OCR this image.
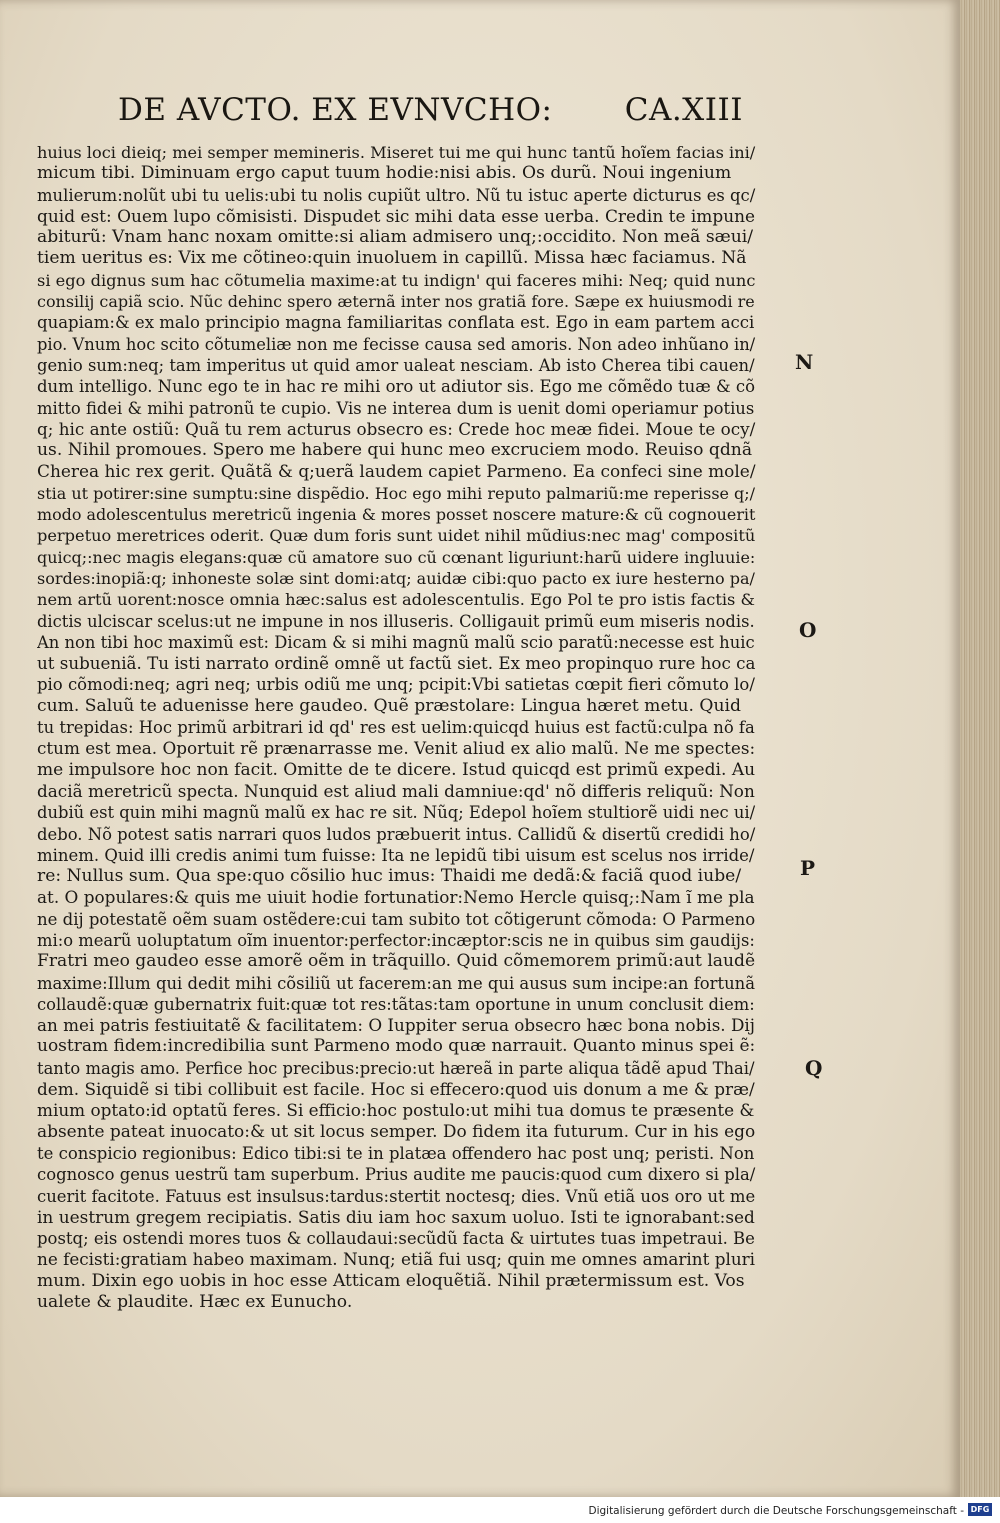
DE AVCTO. EX EVNVCHO: CA.XIII
huius loci dieiq; mei semper memineris. Miseret tui me qui hunc tantũ hoĩem facias ini/
micum tibi. Diminuam ergo caput tuum hodie:nisi abis. Os durũ. Noui ingenium
mulierum:nolũt ubi tu uelis:ubi tu nolis cupiũt ultro. Nũ tu istuc aperte dicturus es qc/
quid est: Ouem lupo cõmisisti. Dispudet sic mihi data esse uerba. Credin te impune
abiturũ: Vnam hanc noxam omitte:si aliam admisero unq;:occidito. Non meã sæui/
tiem ueritus es: Vix me cõtineo:quin inuoluem in capillũ. Missa hæc faciamus. Nã
si ego dignus sum hac cõtumelia maxime:at tu indign' qui faceres mihi: Neq; quid nunc
consilij capiã scio. Nũc dehinc spero æternã inter nos gratiã fore. Sæpe ex huiusmodi re
quapiam:& ex malo principio magna familiaritas conflata est. Ego in eam partem acci
pio. Vnum hoc scito cõtumeliæ non me fecisse causa sed amoris. Non adeo inhũano in/
genio sum:neq; tam imperitus ut quid amor ualeat nesciam. Ab isto Cherea tibi cauen/
dum intelligo. Nunc ego te in hac re mihi oro ut adiutor sis. Ego me cõmẽdo tuæ & cõ
mitto fidei & mihi patronũ te cupio. Vis ne interea dum is uenit domi operiamur potius
q; hic ante ostiũ: Quã tu rem acturus obsecro es: Crede hoc meæ fidei. Moue te ocy/
us. Nihil promoues. Spero me habere qui hunc meo excruciem modo. Reuiso qdnã
Cherea hic rex gerit. Quãtã & q;uerã laudem capiet Parmeno. Ea confeci sine mole/
stia ut potirer:sine sumptu:sine dispẽdio. Hoc ego mihi reputo palmariũ:me reperisse q;/
modo adolescentulus meretricũ ingenia & mores posset noscere mature:& cũ cognouerit
perpetuo meretrices oderit. Quæ dum foris sunt uidet nihil mũdius:nec mag' compositũ
quicq;:nec magis elegans:quæ cũ amatore suo cũ cœnant liguriunt:harũ uidere ingluuie:
sordes:inopiã:q; inhoneste solæ sint domi:atq; auidæ cibi:quo pacto ex iure hesterno pa/
nem artũ uorent:nosce omnia hæc:salus est adolescentulis. Ego Pol te pro istis factis &
dictis ulciscar scelus:ut ne impune in nos illuseris. Colligauit primũ eum miseris nodis.
An non tibi hoc maximũ est: Dicam & si mihi magnũ malũ scio paratũ:necesse est huic
ut subueniã. Tu isti narrato ordinẽ omnẽ ut factũ siet. Ex meo propinquo rure hoc ca
pio cõmodi:neq; agri neq; urbis odiũ me unq; pcipit:Vbi satietas cœpit fieri cõmuto lo/
cum. Saluũ te aduenisse here gaudeo. Quẽ præstolare: Lingua hæret metu. Quid
tu trepidas: Hoc primũ arbitrari id qd' res est uelim:quicqd huius est factũ:culpa nõ fa
ctum est mea. Oportuit rẽ prænarrasse me. Venit aliud ex alio malũ. Ne me spectes:
me impulsore hoc non facit. Omitte de te dicere. Istud quicqd est primũ expedi. Au
daciã meretricũ specta. Nunquid est aliud mali damniue:qd' nõ differis reliquũ: Non
dubiũ est quin mihi magnũ malũ ex hac re sit. Nũq; Edepol hoĩem stultiorẽ uidi nec ui/
debo. Nõ potest satis narrari quos ludos præbuerit intus. Callidũ & disertũ credidi ho/
minem. Quid illi credis animi tum fuisse: Ita ne lepidũ tibi uisum est scelus nos irride/
re: Nullus sum. Qua spe:quo cõsilio huc imus: Thaidi me dedã:& faciã quod iube/
at. O populares:& quis me uiuit hodie fortunatior:Nemo Hercle quisq;:Nam ĩ me pla
ne dij potestatẽ oẽm suam ostẽdere:cui tam subito tot cõtigerunt cõmoda: O Parmeno
mi:o mearũ uoluptatum oĩm inuentor:perfector:incæptor:scis ne in quibus sim gaudijs:
Fratri meo gaudeo esse amorẽ oẽm in trãquillo. Quid cõmemorem primũ:aut laudẽ
maxime:Illum qui dedit mihi cõsiliũ ut facerem:an me qui ausus sum incipe:an fortunã
collaudẽ:quæ gubernatrix fuit:quæ tot res:tãtas:tam oportune in unum conclusit diem:
an mei patris festiuitatẽ & facilitatem: O Iuppiter serua obsecro hæc bona nobis. Dij
uostram fidem:incredibilia sunt Parmeno modo quæ narrauit. Quanto minus spei ẽ:
tanto magis amo. Perfice hoc precibus:precio:ut hæreã in parte aliqua tãdẽ apud Thai/
dem. Siquidẽ si tibi collibuit est facile. Hoc si effecero:quod uis donum a me & præ/
mium optato:id optatũ feres. Si efficio:hoc postulo:ut mihi tua domus te præsente &
absente pateat inuocato:& ut sit locus semper. Do fidem ita futurum. Cur in his ego
te conspicio regionibus: Edico tibi:si te in platæa offendero hac post unq; peristi. Non
cognosco genus uestrũ tam superbum. Prius audite me paucis:quod cum dixero si pla/
cuerit facitote. Fatuus est insulsus:tardus:stertit noctesq; dies. Vnũ etiã uos oro ut me
in uestrum gregem recipiatis. Satis diu iam hoc saxum uoluo. Isti te ignorabant:sed
postq; eis ostendi mores tuos & collaudaui:secũdũ facta & uirtutes tuas impetraui. Be
ne fecisti:gratiam habeo maximam. Nunq; etiã fui usq; quin me omnes amarint pluri
mum. Dixin ego uobis in hoc esse Atticam eloquẽtiã. Nihil prætermissum est. Vos
ualete & plaudite. Hæc ex Eunucho.
N
O
P
Q
Digitalisierung gefördert durch die Deutsche Forschungsgemeinschaft - DFG
